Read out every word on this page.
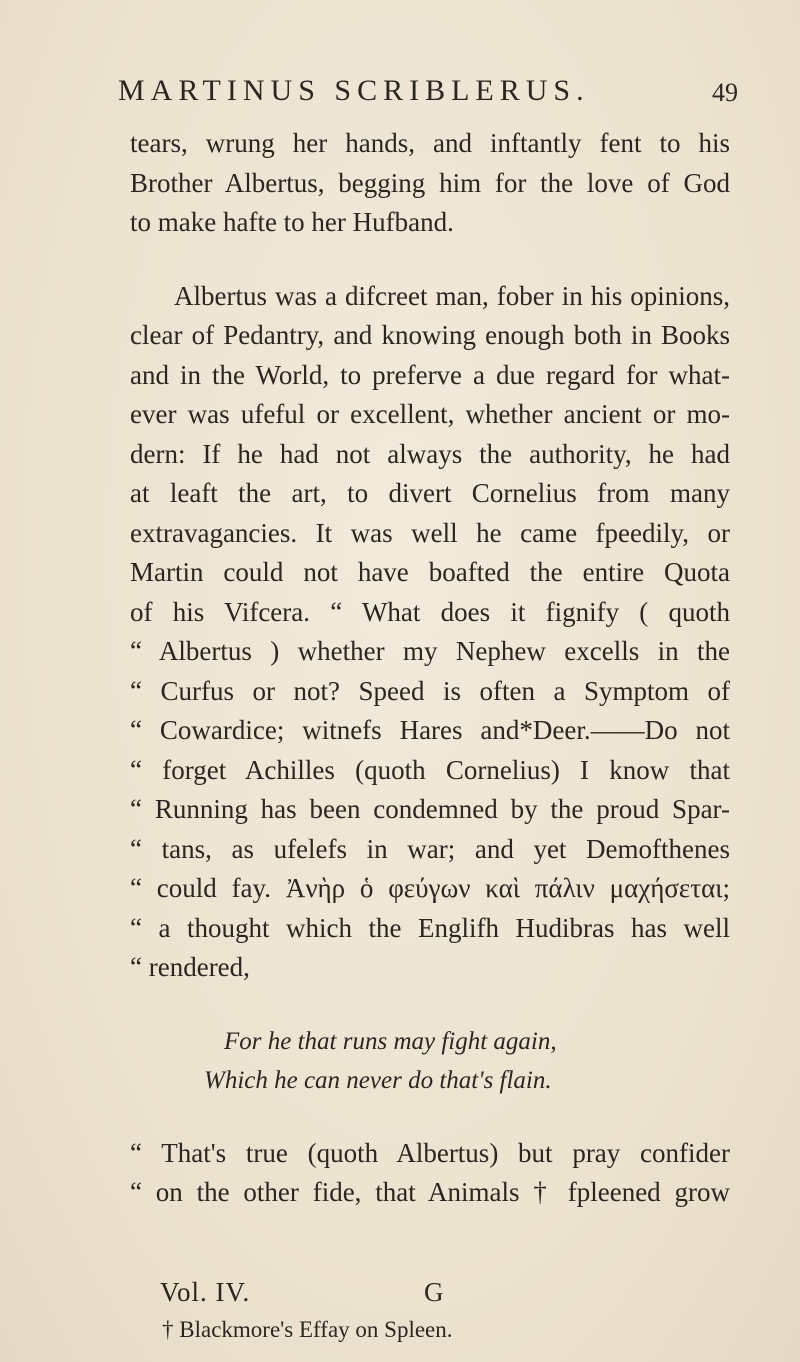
MARTINUS SCRIBLERUS.	49
tears, wrung her hands, and inftantly fent to his
Brother Albertus, begging him for the love of God
to make hafte to her Hufband.
Albertus was a difcreet man, fober in his opinions,
clear of Pedantry, and knowing enough both in Books
and in the World, to preferve a due regard for what-
ever was ufeful or excellent, whether ancient or mo-
dern: If he had not always the authority, he had
at leaft the art, to divert Cornelius from many
extravagancies. It was well he came fpeedily, or
Martin could not have boafted the entire Quota
of his Vifcera. “ What does it fignify ( quoth
“ Albertus ) whether my Nephew excells in the
“ Curfus or not? Speed is often a Symptom of
“ Cowardice; witnefs Hares and*Deer.——Do not
“ forget Achilles (quoth Cornelius) I know that
“ Running has been condemned by the proud Spar-
“ tans, as ufelefs in war; and yet Demofthenes
“ could fay. Ἀνὴρ ὁ φεύγων καὶ πάλιν μαχήσεται;
“ a thought which the Englifh Hudibras has well
“ rendered,
For he that runs may fight again,
Which he can never do that's flain.
“ That's true (quoth Albertus) but pray confider
“ on the other fide, that Animals † fpleened grow
Vol. IV.	G
† Blackmore's Effay on Spleen.
